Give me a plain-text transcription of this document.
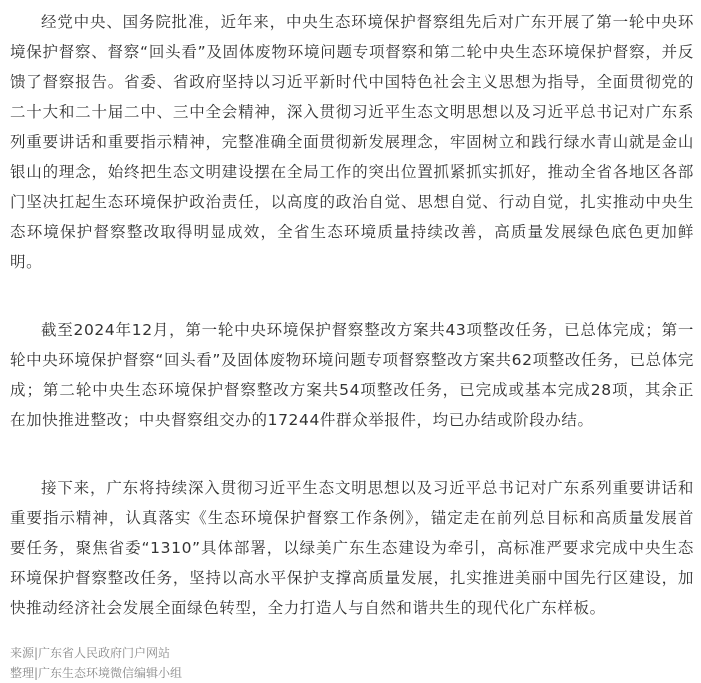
经党中央、国务院批准，近年来，中央生态环境保护督察组先后对广东开展了第一轮中央环境保护督察、督察“回头看”及固体废物环境问题专项督察和第二轮中央生态环境保护督察，并反馈了督察报告。省委、省政府坚持以习近平新时代中国特色社会主义思想为指导，全面贯彻党的二十大和二十届二中、三中全会精神，深入贯彻习近平生态文明思想以及习近平总书记对广东系列重要讲话和重要指示精神，完整准确全面贯彻新发展理念，牢固树立和践行绿水青山就是金山银山的理念，始终把生态文明建设摆在全局工作的突出位置抓紧抓实抓好，推动全省各地区各部门坚决扛起生态环境保护政治责任，以高度的政治自觉、思想自觉、行动自觉，扎实推动中央生态环境保护督察整改取得明显成效，全省生态环境质量持续改善，高质量发展绿色底色更加鲜明。

截至2024年12月，第一轮中央环境保护督察整改方案共43项整改任务，已总体完成；第一轮中央环境保护督察“回头看”及固体废物环境问题专项督察整改方案共62项整改任务，已总体完成；第二轮中央生态环境保护督察整改方案共54项整改任务，已完成或基本完成28项，其余正在加快推进整改；中央督察组交办的17244件群众举报件，均已办结或阶段办结。

接下来，广东将持续深入贯彻习近平生态文明思想以及习近平总书记对广东系列重要讲话和重要指示精神，认真落实《生态环境保护督察工作条例》，锚定走在前列总目标和高质量发展首要任务，聚焦省委“1310”具体部署，以绿美广东生态建设为牵引，高标准严要求完成中央生态环境保护督察整改任务，坚持以高水平保护支撑高质量发展，扎实推进美丽中国先行区建设，加快推动经济社会发展全面绿色转型，全力打造人与自然和谐共生的现代化广东样板。

来源|广东省人民政府门户网站
整理|广东生态环境微信编辑小组
